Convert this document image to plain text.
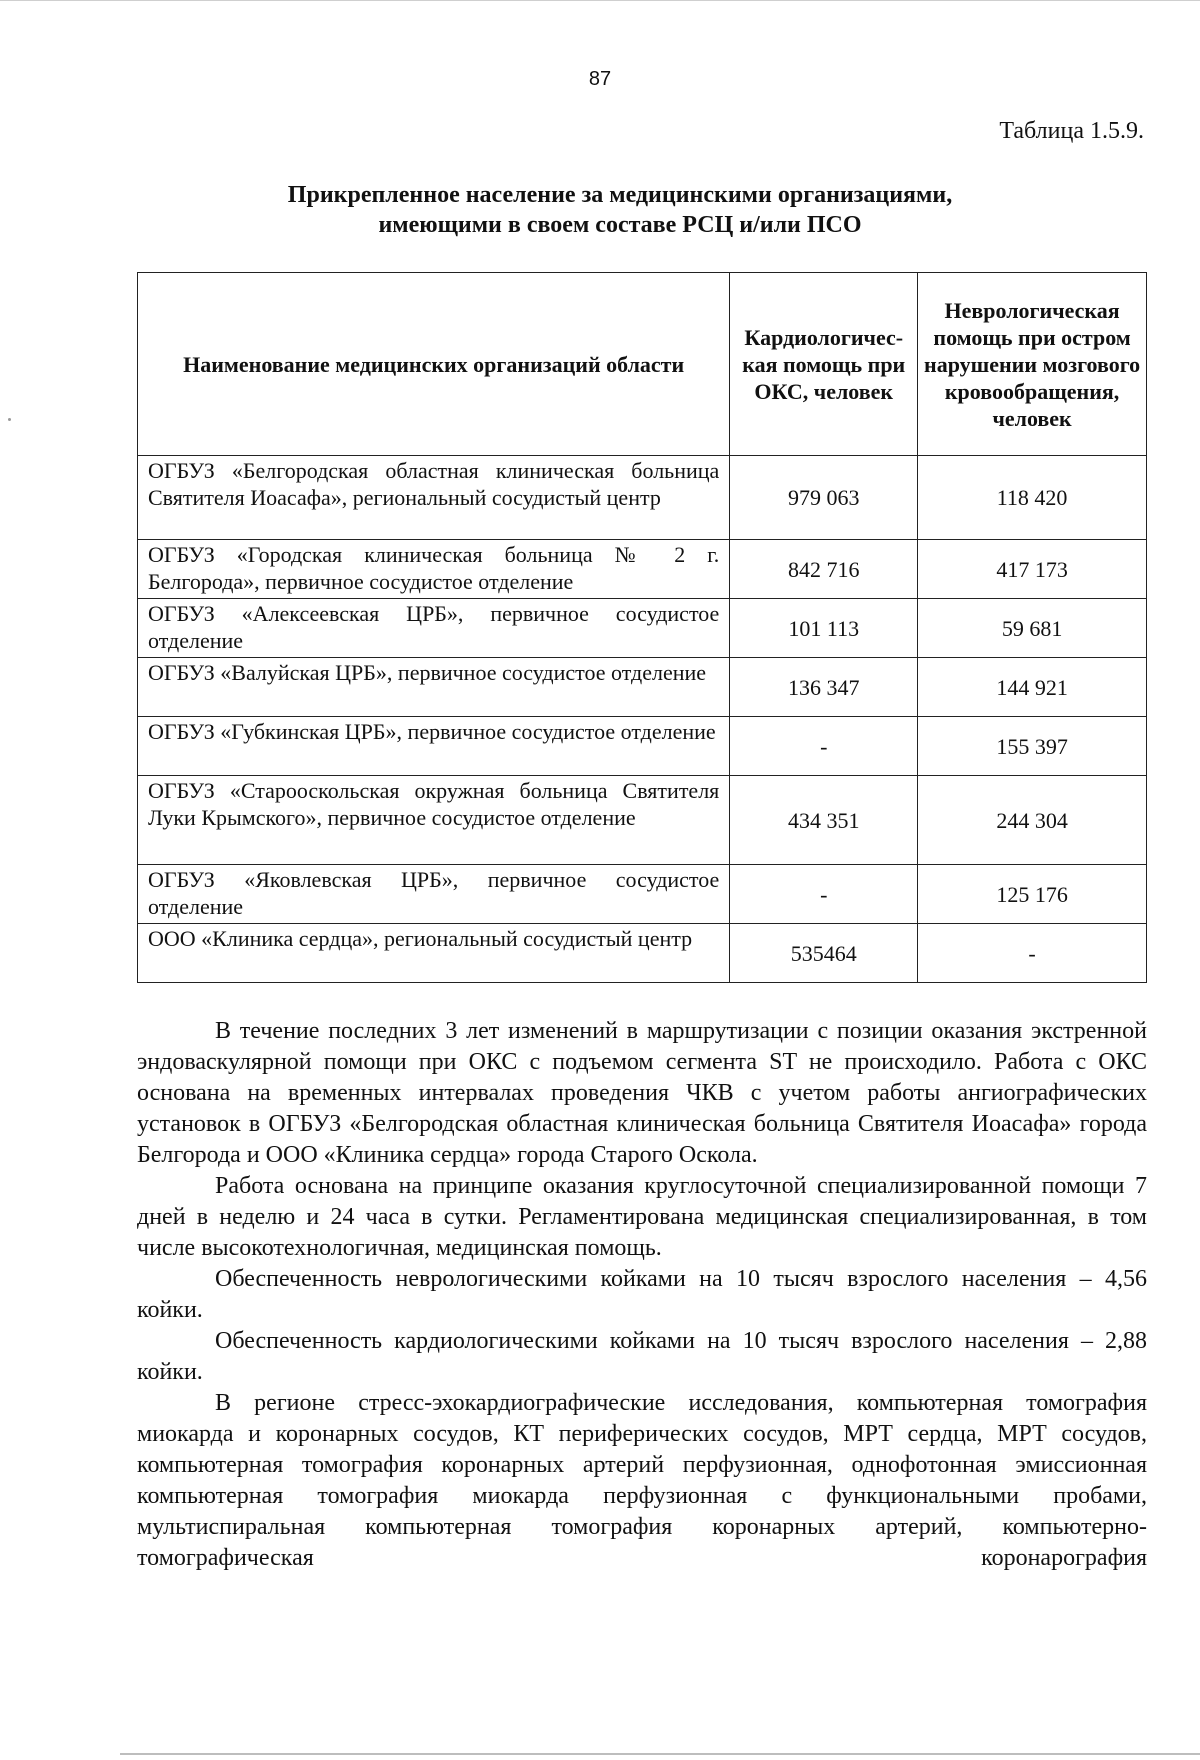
87
Таблица 1.5.9.
Прикрепленное население за медицинскими организациями,
имеющими в своем составе РСЦ и/или ПСО
Наименование медицинских организаций области	Кардиологичес-кая помощь при ОКС, человек	Неврологическая помощь при остром нарушении мозгового кровообращения, человек
ОГБУЗ «Белгородская областная клиническая больница Святителя Иоасафа», региональный сосудистый центр	979 063	118 420
ОГБУЗ «Городская клиническая больница № 2 г. Белгорода», первичное сосудистое отделение	842 716	417 173
ОГБУЗ «Алексеевская ЦРБ», первичное сосудистое отделение	101 113	59 681
ОГБУЗ «Валуйская ЦРБ», первичное сосудистое отделение	136 347	144 921
ОГБУЗ «Губкинская ЦРБ», первичное сосудистое отделение	-	155 397
ОГБУЗ «Старооскольская окружная больница Святителя Луки Крымского», первичное сосудистое отделение	434 351	244 304
ОГБУЗ «Яковлевская ЦРБ», первичное сосудистое отделение	-	125 176
ООО «Клиника сердца», региональный сосудистый центр	535464	-

В течение последних 3 лет изменений в маршрутизации с позиции оказания экстренной эндоваскулярной помощи при ОКС с подъемом сегмента ST не происходило. Работа с ОКС основана на временных интервалах проведения ЧКВ с учетом работы ангиографических установок в ОГБУЗ «Белгородская областная клиническая больница Святителя Иоасафа» города Белгорода и ООО «Клиника сердца» города Старого Оскола.

Работа основана на принципе оказания круглосуточной специализированной помощи 7 дней в неделю и 24 часа в сутки. Регламентирована медицинская специализированная, в том числе высокотехнологичная, медицинская помощь.

Обеспеченность неврологическими койками на 10 тысяч взрослого населения – 4,56 койки.

Обеспеченность кардиологическими койками на 10 тысяч взрослого населения – 2,88 койки.

В регионе стресс-эхокардиографические исследования, компьютерная томография миокарда и коронарных сосудов, КТ периферических сосудов, МРТ сердца, МРТ сосудов, компьютерная томография коронарных артерий перфузионная, однофотонная эмиссионная компьютерная томография миокарда перфузионная с функциональными пробами, мультиспиральная компьютерная томография коронарных артерий, компьютерно-томографическая коронарография
